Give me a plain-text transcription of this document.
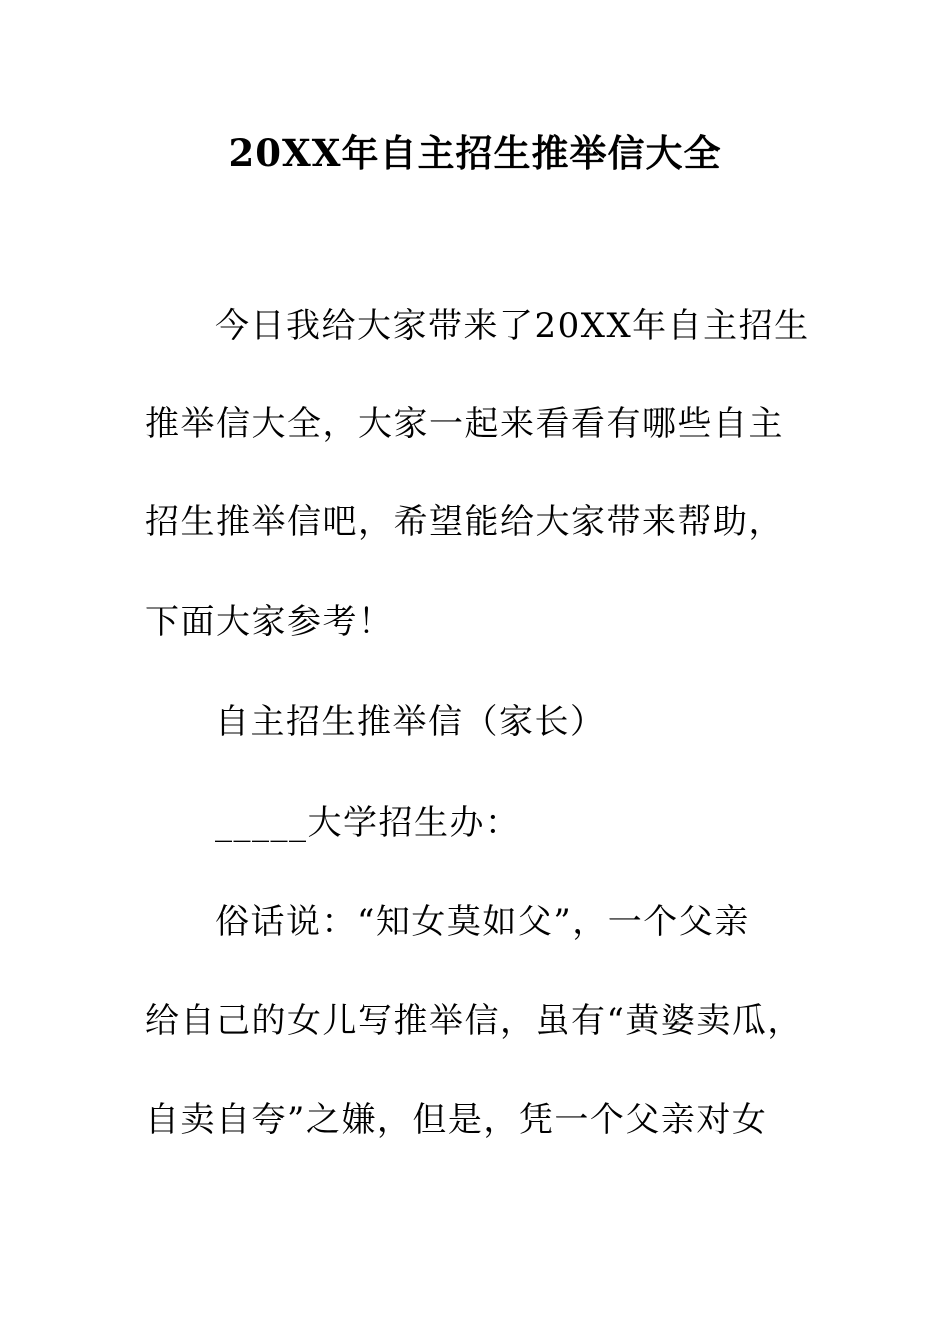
20XX年自主招生推举信大全
今日我给大家带来了20XX年自主招生
推举信大全，大家一起来看看有哪些自主
招生推举信吧，希望能给大家带来帮助，
下面大家参考！
自主招生推举信（家长）
_____大学招生办：
俗话说：“知女莫如父”，一个父亲
给自己的女儿写推举信，虽有“黄婆卖瓜，
自卖自夸”之嫌，但是，凭一个父亲对女
